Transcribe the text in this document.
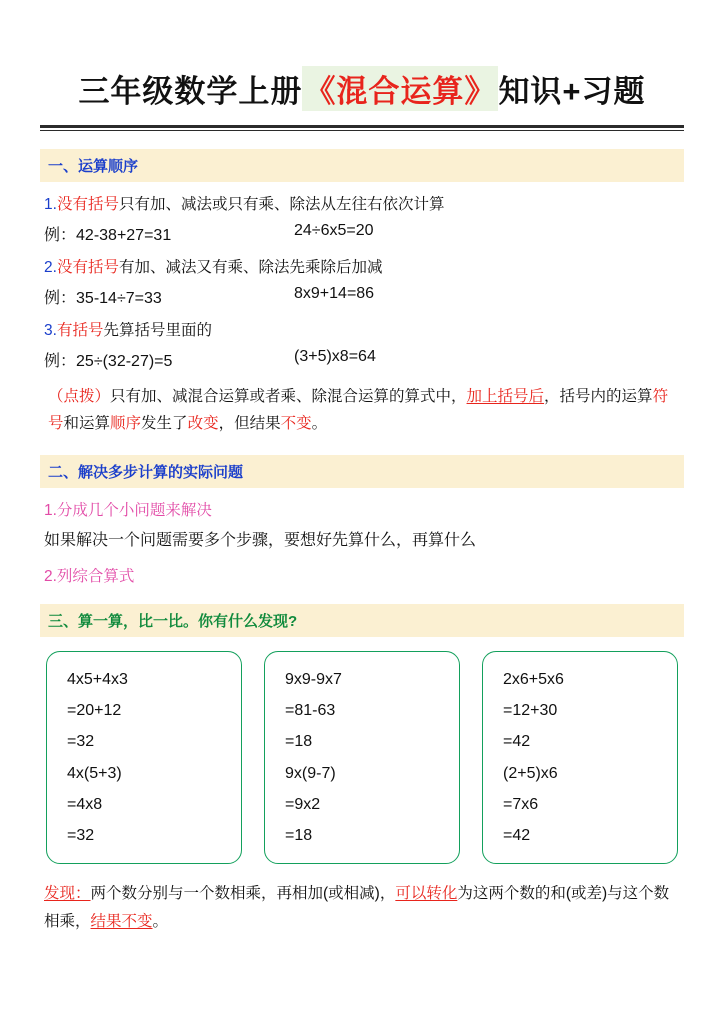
三年级数学上册 《混合运算》 知识+习题
一、运算顺序
1.没有括号只有加、减法或只有乘、除法从左往右依次计算
例：42-38+27=31	24÷6x5=20
2.没有括号有加、减法又有乘、除法先乘除后加减
例：35-14÷7=33	8x9+14=86
3.有括号先算括号里面的
例：25÷(32-27)=5	(3+5)x8=64
（点拨）只有加、减混合运算或者乘、除混合运算的算式中，加上括号后，括号内的运算符号和运算顺序发生了改变，但结果不变。
二、解决多步计算的实际问题
1.分成几个小问题来解决
如果解决一个问题需要多个步骤，要想好先算什么，再算什么
2.列综合算式
三、算一算，比一比。你有什么发现?
4x5+4x3
=20+12
=32
4x(5+3)
=4x8
=32
9x9-9x7
=81-63
=18
9x(9-7)
=9x2
=18
2x6+5x6
=12+30
=42
(2+5)x6
=7x6
=42
发现：两个数分别与一个数相乘，再相加(或相减)，可以转化为这两个数的和(或差)与这个数相乘，结果不变。
